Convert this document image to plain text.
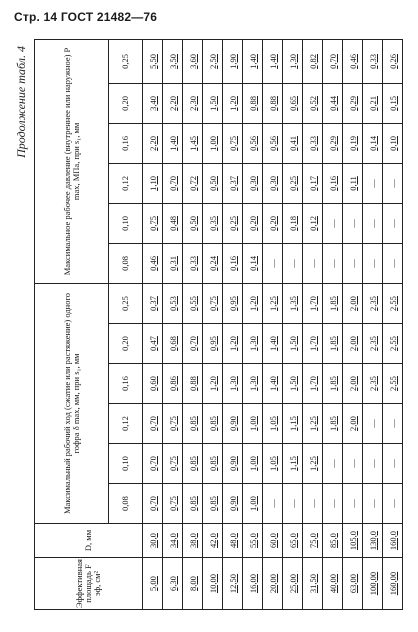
Стр. 14 ГОСТ 21482—76
Продолжение табл. 4
Эффективная площадь F эф, см²	D, мм	Максимальный рабочий ход (сжатие или растяжение) одного гофра δ max, мм, при s₁, мм						Максимальное рабочее давление (внутреннее или наружное) P max, МПа, при s₁, мм					
		0,08	0,10	0,12	0,16	0,20	0,25	0,08	0,10	0,12	0,16	0,20	0,25
5,00	30,0	0,70	0,70	0,70	0,60	0,47	0,37	0,46	0,75	1,10	2,20	3,40	5,50
6,30	34,0	0,75	0,75	0,75	0,86	0,68	0,53	0,31	0,48	0,70	1,40	2,20	3,50
8,00	38,0	0,85	0,85	0,85	0,88	0,70	0,55	0,33	0,50	0,72	1,45	2,30	3,60
10,00	42,0	0,85	0,85	0,85	1,20	0,95	0,75	0,24	0,35	0,50	1,00	1,50	2,50
12,50	48,0	0,90	0,90	0,90	1,30	1,20	0,95	0,16	0,25	0,37	0,75	1,20	1,90
16,00	55,0	1,00	1,00	1,00	1,30	1,30	1,20	0,14	0,20	0,30	0,56	0,88	1,40
20,00	60,0	—	1,05	1,05	1,40	1,40	1,25	—	0,20	0,30	0,56	0,88	1,40
25,00	65,0	—	1,15	1,15	1,50	1,50	1,35	—	0,18	0,25	0,41	0,65	1,30
31,50	75,0	—	1,25	1,25	1,70	1,70	1,70	—	0,12	0,17	0,33	0,52	0,82
40,00	85,0	—	—	1,85	1,85	1,85	1,85	—	—	0,16	0,29	0,44	0,70
63,00	105,0	—	—	2,00	2,00	2,00	2,00	—	—	0,11	0,19	0,29	0,46
100,00	130,0	—	—	—	2,35	2,35	2,35	—	—	—	0,14	0,21	0,33
160,00	160,0	—	—	—	2,55	2,55	2,55	—	—	—	0,10	0,15	0,26
